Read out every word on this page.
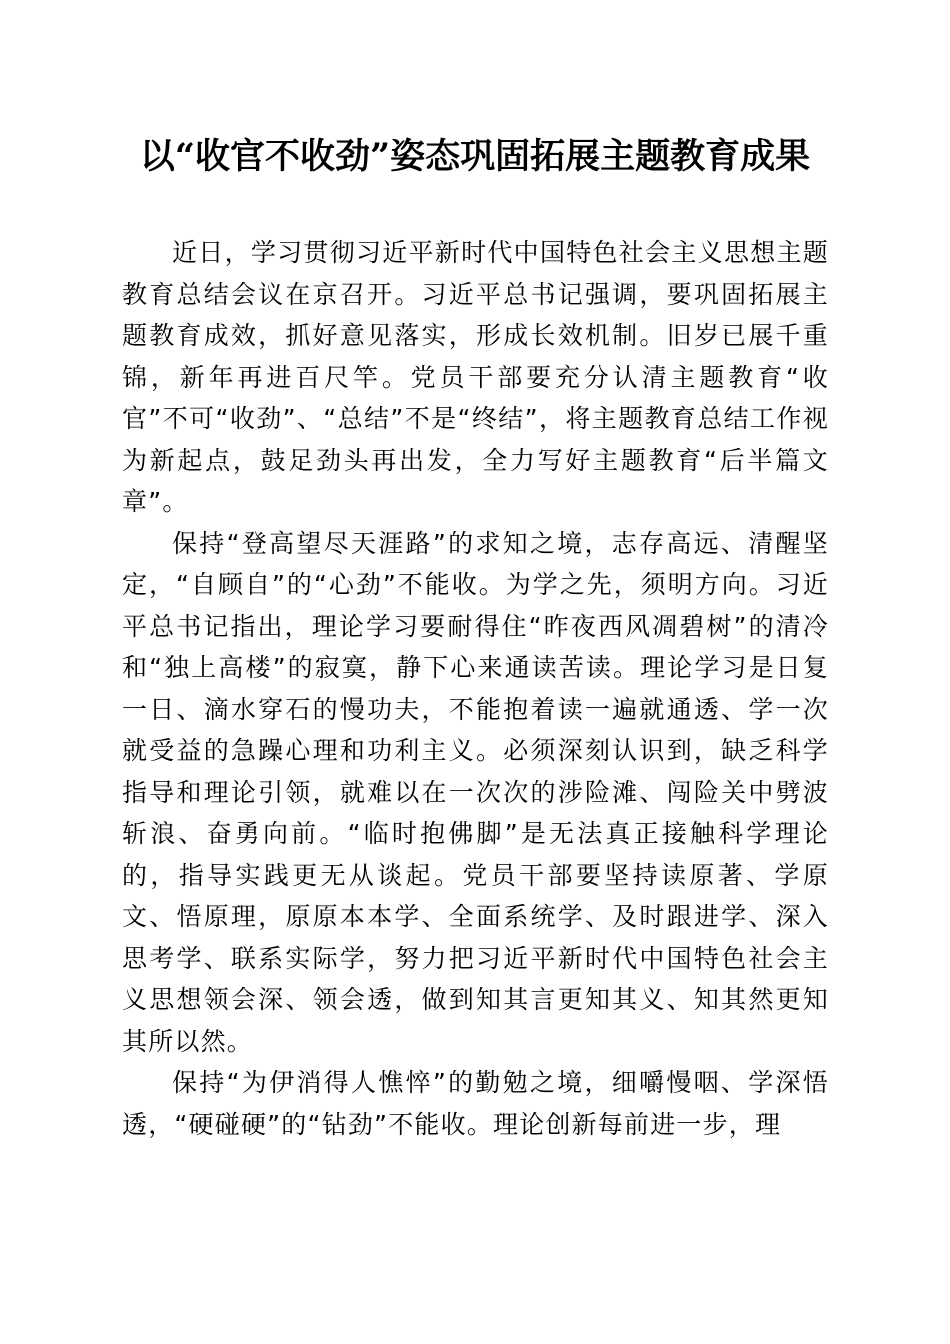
以“收官不收劲”姿态巩固拓展主题教育成果

近日，学习贯彻习近平新时代中国特色社会主义思想主题教育总结会议在京召开。习近平总书记强调，要巩固拓展主题教育成效，抓好意见落实，形成长效机制。旧岁已展千重锦，新年再进百尺竿。党员干部要充分认清主题教育“收官”不可“收劲”、“总结”不是“终结”，将主题教育总结工作视为新起点，鼓足劲头再出发，全力写好主题教育“后半篇文章”。

保持“登高望尽天涯路”的求知之境，志存高远、清醒坚定，“自顾自”的“心劲”不能收。为学之先，须明方向。习近平总书记指出，理论学习要耐得住“昨夜西风凋碧树”的清冷和“独上高楼”的寂寞，静下心来通读苦读。理论学习是日复一日、滴水穿石的慢功夫，不能抱着读一遍就通透、学一次就受益的急躁心理和功利主义。必须深刻认识到，缺乏科学指导和理论引领，就难以在一次次的涉险滩、闯险关中劈波斩浪、奋勇向前。“临时抱佛脚”是无法真正接触科学理论的，指导实践更无从谈起。党员干部要坚持读原著、学原文、悟原理，原原本本学、全面系统学、及时跟进学、深入思考学、联系实际学，努力把习近平新时代中国特色社会主义思想领会深、领会透，做到知其言更知其义、知其然更知其所以然。

保持“为伊消得人憔悴”的勤勉之境，细嚼慢咽、学深悟透，“硬碰硬”的“钻劲”不能收。理论创新每前进一步，理
